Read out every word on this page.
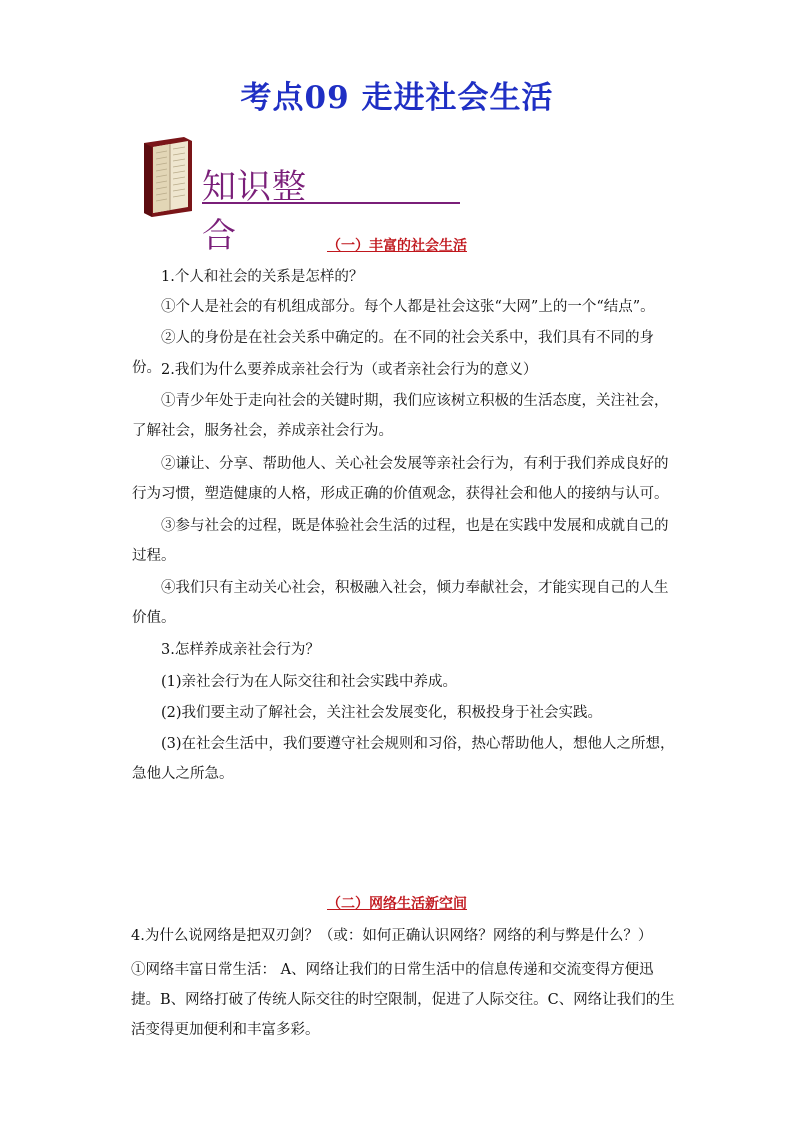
考点09 走进社会生活
知识整合	（一）丰富的社会生活

1.个人和社会的关系是怎样的？

①个人是社会的有机组成部分。每个人都是社会这张“大网”上的一个“结点”。

②人的身份是在社会关系中确定的。在不同的社会关系中，我们具有不同的身份。 2.我们为什么要养成亲社会行为（或者亲社会行为的意义）

①青少年处于走向社会的关键时期，我们应该树立积极的生活态度，关注社会，了解社会，服务社会，养成亲社会行为。

②谦让、分享、帮助他人、关心社会发展等亲社会行为，有利于我们养成良好的行为习惯，塑造健康的人格，形成正确的价值观念，获得社会和他人的接纳与认可。

③参与社会的过程，既是体验社会生活的过程，也是在实践中发展和成就自己的过程。

④我们只有主动关心社会，积极融入社会，倾力奉献社会，才能实现自己的人生价值。

3.怎样养成亲社会行为？

(1)亲社会行为在人际交往和社会实践中养成。

(2)我们要主动了解社会，关注社会发展变化，积极投身于社会实践。

(3)在社会生活中，我们要遵守社会规则和习俗，热心帮助他人，想他人之所想，急他人之所急。

（二）网络生活新空间

4.为什么说网络是把双刃剑？（或：如何正确认识网络？网络的利与弊是什么？）

①网络丰富日常生活： A、网络让我们的日常生活中的信息传递和交流变得方便迅捷。B、网络打破了传统人际交往的时空限制，促进了人际交往。C、网络让我们的生活变得更加便利和丰富多彩。
